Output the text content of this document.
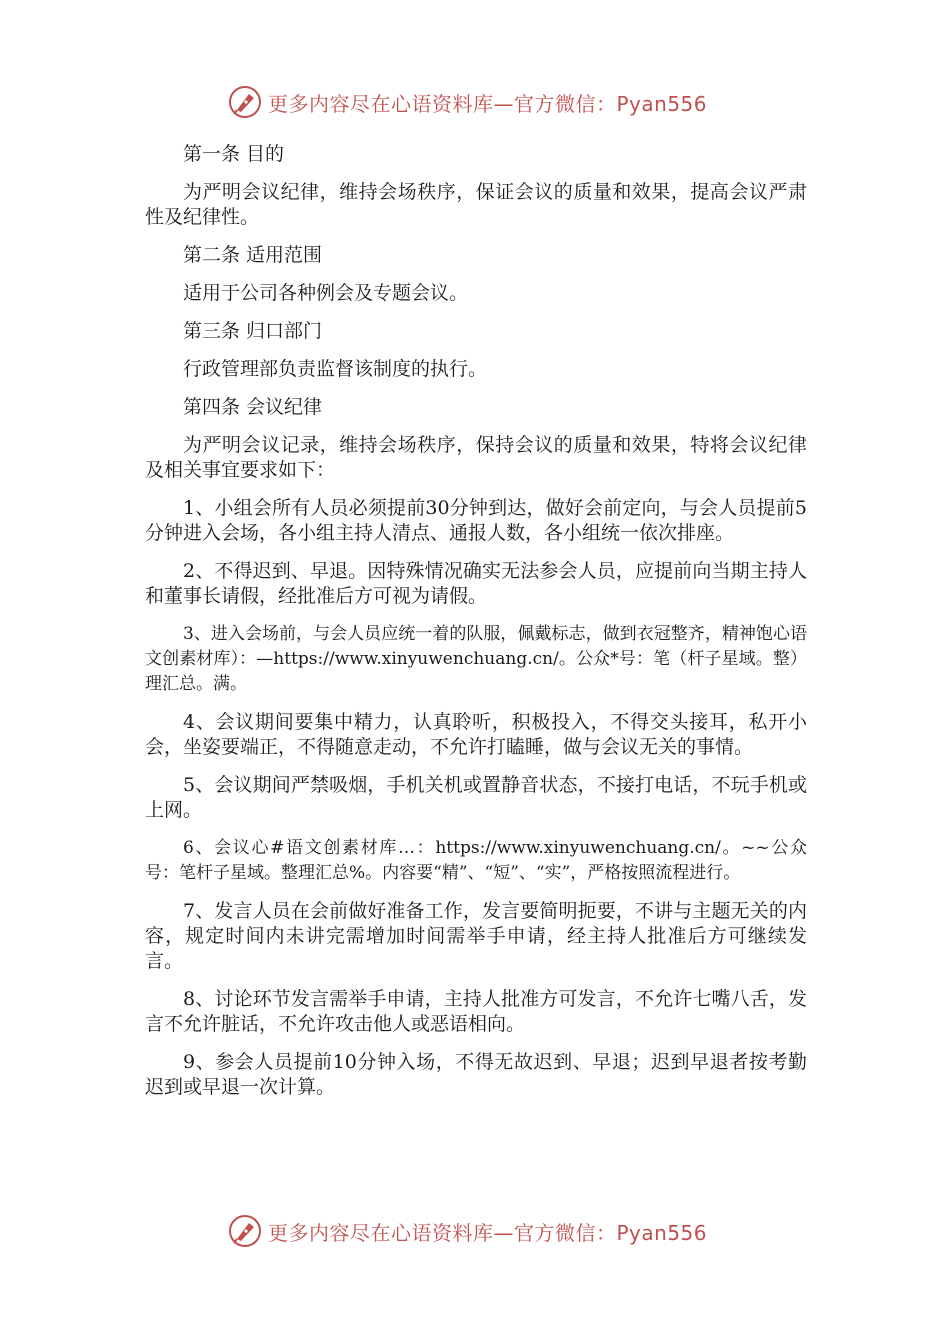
更多内容尽在心语资料库—官方微信：Pyan556

第一条 目的

为严明会议纪律，维持会场秩序，保证会议的质量和效果，提高会议严肃性及纪律性。

第二条 适用范围

适用于公司各种例会及专题会议。

第三条 归口部门

行政管理部负责监督该制度的执行。

第四条 会议纪律

为严明会议记录，维持会场秩序，保持会议的质量和效果，特将会议纪律及相关事宜要求如下：

1、小组会所有人员必须提前30分钟到达，做好会前定向，与会人员提前5分钟进入会场，各小组主持人清点、通报人数，各小组统一依次排座。

2、不得迟到、早退。因特殊情况确实无法参会人员，应提前向当期主持人和董事长请假，经批准后方可视为请假。

3、进入会场前，与会人员应统一着的队服，佩戴标志，做到衣冠整齐，精神饱心语文创素材库）：—https://www.xinyuwenchuang.cn/。公众*号：笔（杆子星域。整）理汇总。满。

4、会议期间要集中精力，认真聆听，积极投入，不得交头接耳，私开小会，坐姿要端正，不得随意走动，不允许打瞌睡，做与会议无关的事情。

5、会议期间严禁吸烟，手机关机或置静音状态，不接打电话，不玩手机或上网。

6、会议心#语文创素材库…：https://www.xinyuwenchuang.cn/。~~公众号：笔杆子星域。整理汇总%。内容要“精”、“短”、“实”，严格按照流程进行。

7、发言人员在会前做好准备工作，发言要简明扼要，不讲与主题无关的内容，规定时间内未讲完需增加时间需举手申请，经主持人批准后方可继续发言。

8、讨论环节发言需举手申请，主持人批准方可发言，不允许七嘴八舌，发言不允许脏话，不允许攻击他人或恶语相向。

9、参会人员提前10分钟入场，不得无故迟到、早退；迟到早退者按考勤迟到或早退一次计算。

更多内容尽在心语资料库—官方微信：Pyan556
